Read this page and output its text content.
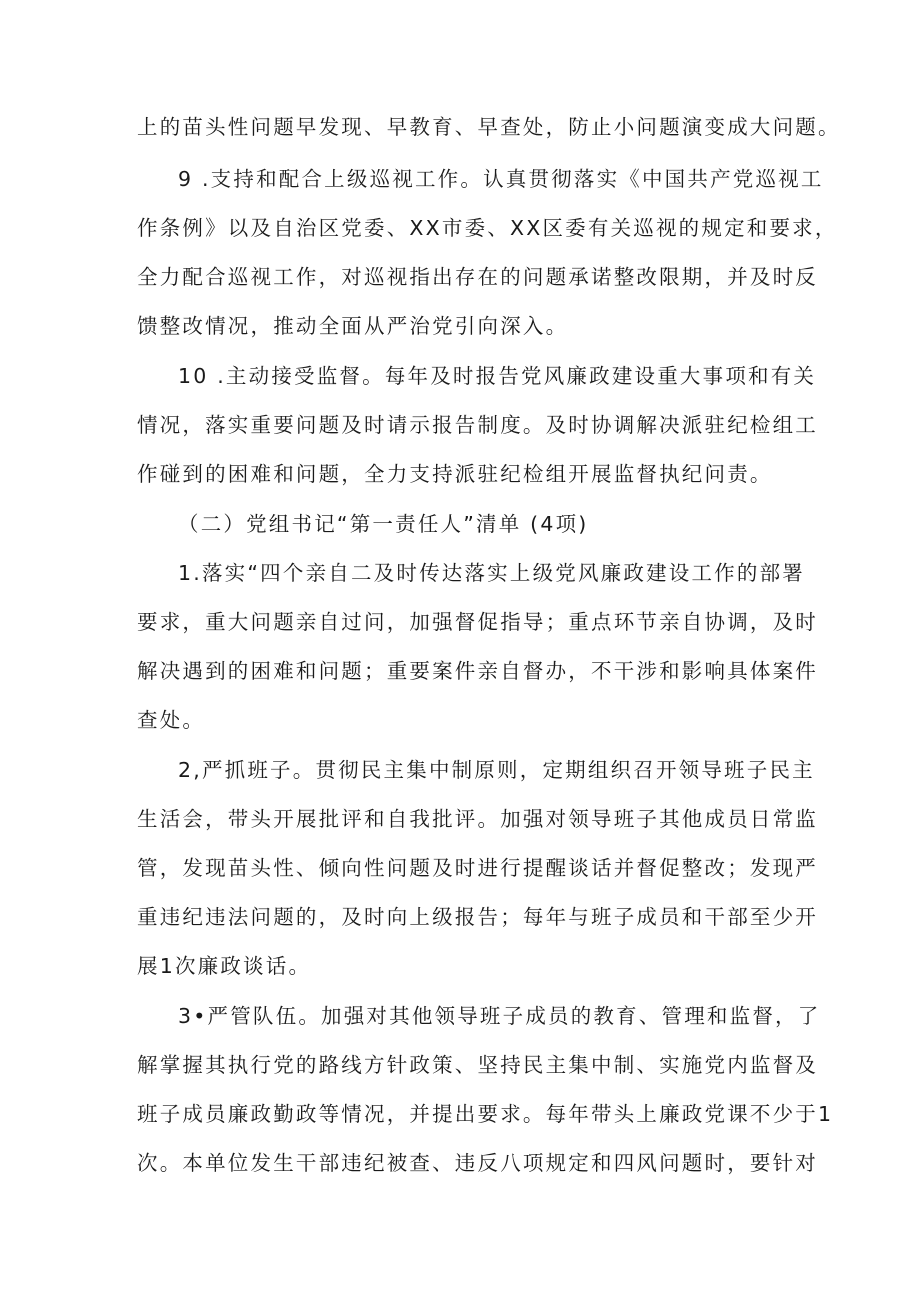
上的苗头性问题早发现、早教育、早查处，防止小问题演变成大问题。
9 .支持和配合上级巡视工作。认真贯彻落实《中国共产党巡视工
作条例》以及自治区党委、XX市委、XX区委有关巡视的规定和要求，
全力配合巡视工作，对巡视指出存在的问题承诺整改限期，并及时反
馈整改情况，推动全面从严治党引向深入。
10 .主动接受监督。每年及时报告党风廉政建设重大事项和有关
情况，落实重要问题及时请示报告制度。及时协调解决派驻纪检组工
作碰到的困难和问题，全力支持派驻纪检组开展监督执纪问责。
（二）党组书记“第一责任人”清单 (4项)
1.落实“四个亲自二及时传达落实上级党风廉政建设工作的部署
要求，重大问题亲自过问，加强督促指导；重点环节亲自协调，及时
解决遇到的困难和问题；重要案件亲自督办，不干涉和影响具体案件
查处。
2,严抓班子。贯彻民主集中制原则，定期组织召开领导班子民主
生活会，带头开展批评和自我批评。加强对领导班子其他成员日常监
管，发现苗头性、倾向性问题及时进行提醒谈话并督促整改；发现严
重违纪违法问题的，及时向上级报告；每年与班子成员和干部至少开
展1次廉政谈话。
3•严管队伍。加强对其他领导班子成员的教育、管理和监督，了
解掌握其执行党的路线方针政策、坚持民主集中制、实施党内监督及
班子成员廉政勤政等情况，并提出要求。每年带头上廉政党课不少于1
次。本单位发生干部违纪被查、违反八项规定和四风问题时，要针对
